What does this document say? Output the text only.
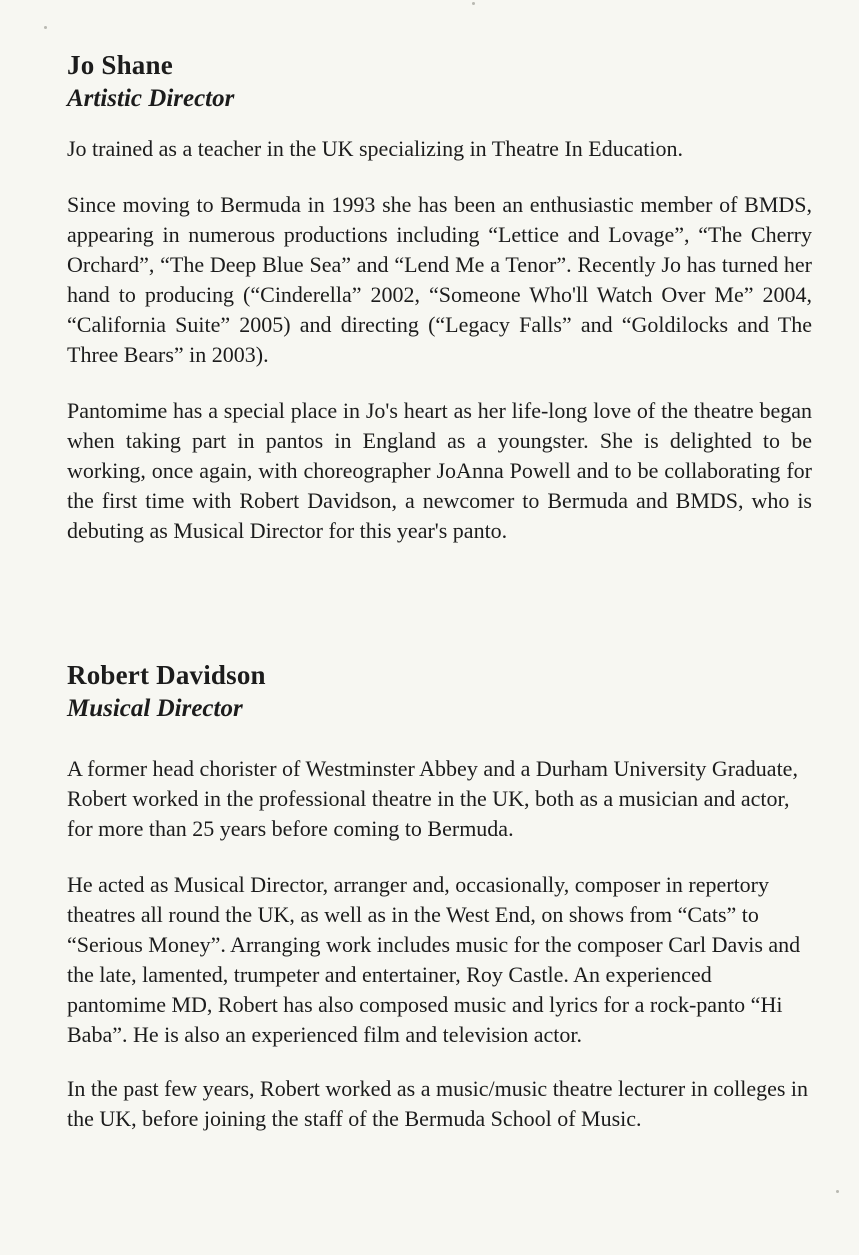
Jo Shane
Artistic Director

Jo trained as a teacher in the UK specializing in Theatre In Education.

Since moving to Bermuda in 1993 she has been an enthusiastic member of BMDS, appearing in numerous productions including “Lettice and Lovage”, “The Cherry Orchard”, “The Deep Blue Sea” and “Lend Me a Tenor”. Recently Jo has turned her hand to producing (“Cinderella” 2002, “Someone Who'll Watch Over Me” 2004, “California Suite” 2005) and directing (“Legacy Falls” and “Goldilocks and The Three Bears” in 2003).

Pantomime has a special place in Jo's heart as her life-long love of the theatre began when taking part in pantos in England as a youngster. She is delighted to be working, once again, with choreographer JoAnna Powell and to be collaborating for the first time with Robert Davidson, a newcomer to Bermuda and BMDS, who is debuting as Musical Director for this year's panto.

Robert Davidson
Musical Director

A former head chorister of Westminster Abbey and a Durham University Graduate, Robert worked in the professional theatre in the UK, both as a musician and actor, for more than 25 years before coming to Bermuda.

He acted as Musical Director, arranger and, occasionally, composer in repertory theatres all round the UK, as well as in the West End, on shows from “Cats” to “Serious Money”. Arranging work includes music for the composer Carl Davis and the late, lamented, trumpeter and entertainer, Roy Castle. An experienced pantomime MD, Robert has also composed music and lyrics for a rock-panto “Hi Baba”. He is also an experienced film and television actor.

In the past few years, Robert worked as a music/music theatre lecturer in colleges in the UK, before joining the staff of the Bermuda School of Music.
